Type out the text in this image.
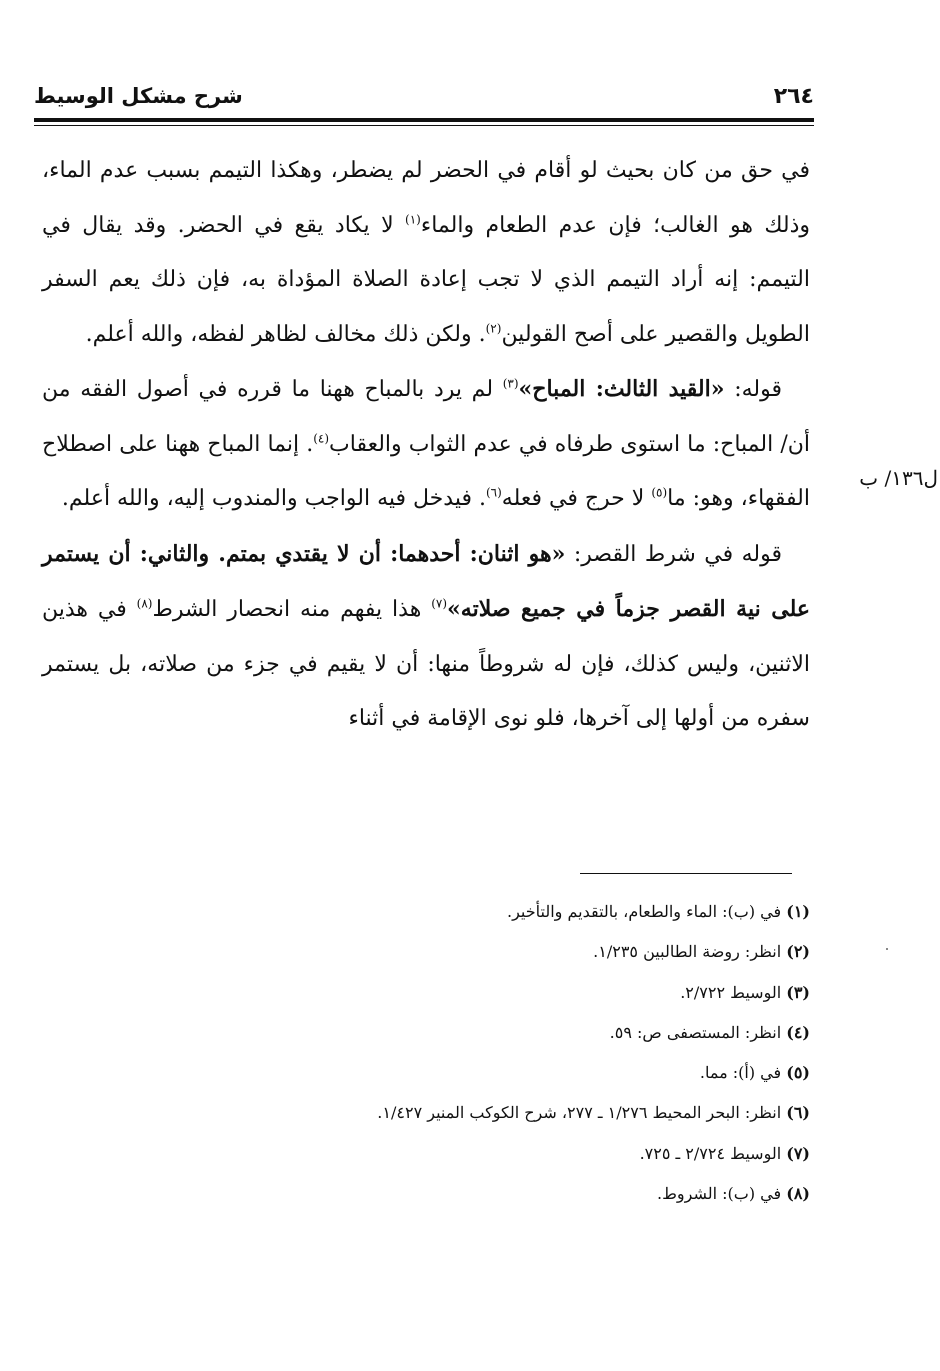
٢٦٤
شرح مشكل الوسيط
ل١٣٦/ ب

في حق من كان بحيث لو أقام في الحضر لم يضطر، وهكذا التيمم بسبب عدم الماء، وذلك هو الغالب؛ فإن عدم الطعام والماء$^{(١)}$ لا يكاد يقع في الحضر. وقد يقال في التيمم: إنه أراد التيمم الذي لا تجب إعادة الصلاة المؤداة به، فإن ذلك يعم السفر الطويل والقصير على أصح القولين$^{(٢)}$. ولكن ذلك مخالف لظاهر لفظه، والله أعلم.

قوله: «القيد الثالث: المباح»$^{(٣)}$ لم يرد بالمباح ههنا ما قرره في أصول الفقه من أن/ المباح: ما استوى طرفاه في عدم الثواب والعقاب$^{(٤)}$. إنما المباح ههنا على اصطلاح الفقهاء، وهو: ما$^{(٥)}$ لا حرج في فعله$^{(٦)}$. فيدخل فيه الواجب والمندوب إليه، والله أعلم.

قوله في شرط القصر: «هو اثنان: أحدهما: أن لا يقتدي بمتم. والثاني: أن يستمر على نية القصر جزماً في جميع صلاته»$^{(٧)}$ هذا يفهم منه انحصار الشرط$^{(٨)}$ في هذين الاثنين، وليس كذلك، فإن له شروطاً منها: أن لا يقيم في جزء من صلاته، بل يستمر سفره من أولها إلى آخرها، فلو نوى الإقامة في أثناء

(١) في (ب): الماء والطعام، بالتقديم والتأخير.
(٢) انظر: روضة الطالبين ١/٢٣٥.
(٣) الوسيط ٢/٧٢٢.
(٤) انظر: المستصفى ص: ٥٩.
(٥) في (أ): مما.
(٦) انظر: البحر المحيط ١/٢٧٦ ـ ٢٧٧، شرح الكوكب المنير ١/٤٢٧.
(٧) الوسيط ٢/٧٢٤ ـ ٧٢٥.
(٨) في (ب): الشروط.
